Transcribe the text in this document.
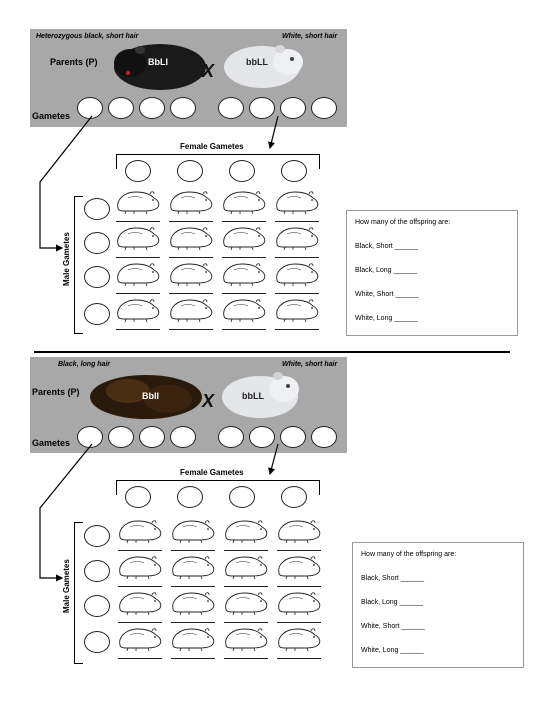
Heterozygous black, short hair	White, short hair
Parents (P)	BbLl X	bbLL
Gametes
Female Gametes
Male Gametes
How many of the offspring are:
Black, Short ______
Black, Long ______
White, Short ______
White, Long ______
Black, long hair	White, short hair
Parents (P)	Bbll X	bbLL
Gametes
Female Gametes
Male Gametes
How many of the offspring are:
Black, Short ______
Black, Long ______
White, Short ______
White, Long ______
